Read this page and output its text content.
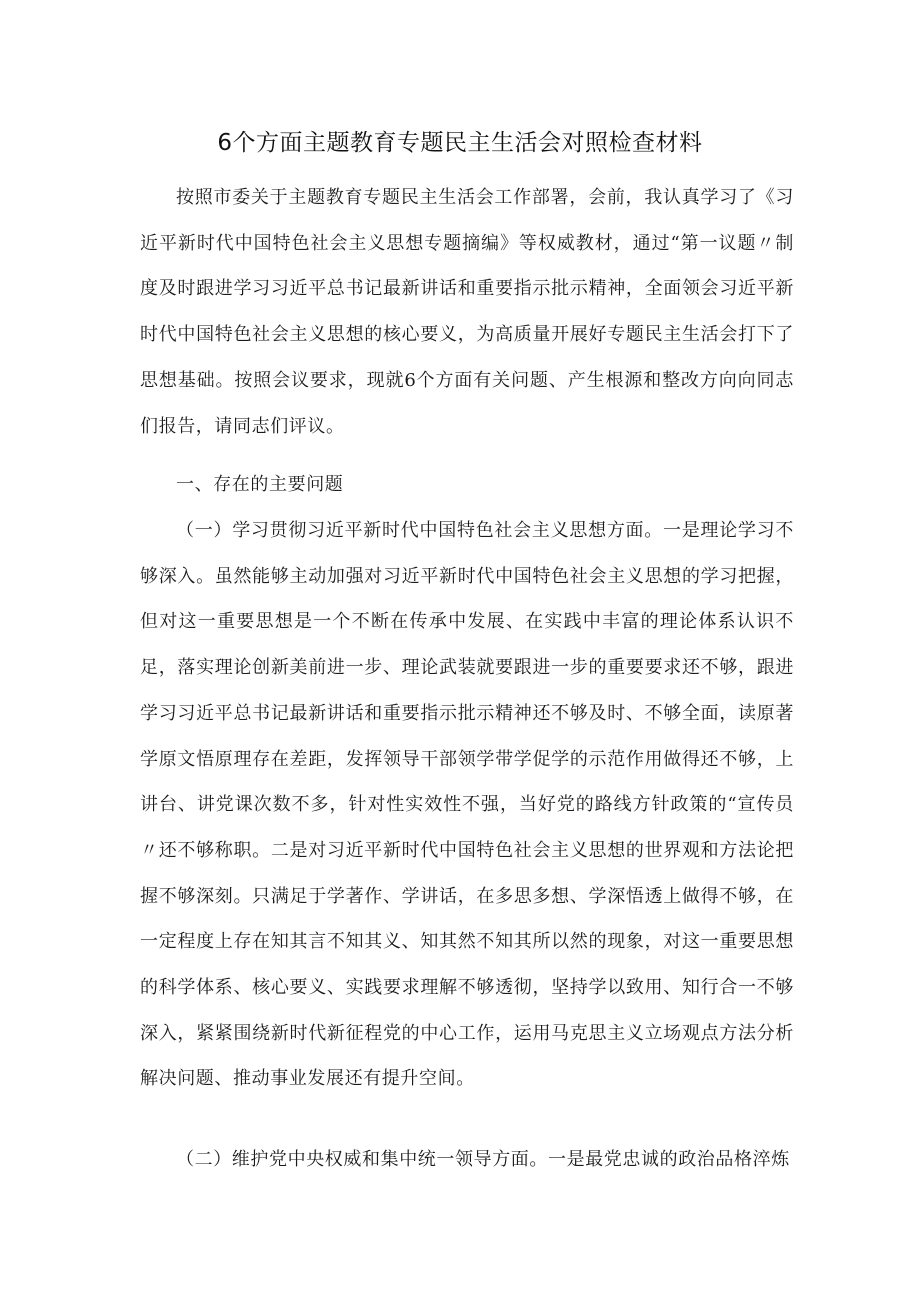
6个方面主题教育专题民主生活会对照检查材料

按照市委关于主题教育专题民主生活会工作部署，会前，我认真学习了《习近平新时代中国特色社会主义思想专题摘编》等权威教材，通过“第一议题〃制度及时跟进学习习近平总书记最新讲话和重要指示批示精神，全面领会习近平新时代中国特色社会主义思想的核心要义，为高质量开展好专题民主生活会打下了思想基础。按照会议要求，现就6个方面有关问题、产生根源和整改方向向同志们报告，请同志们评议。

一、存在的主要问题

（一）学习贯彻习近平新时代中国特色社会主义思想方面。一是理论学习不够深入。虽然能够主动加强对习近平新时代中国特色社会主义思想的学习把握，但对这一重要思想是一个不断在传承中发展、在实践中丰富的理论体系认识不足，落实理论创新美前进一步、理论武装就要跟进一步的重要要求还不够，跟进学习习近平总书记最新讲话和重要指示批示精神还不够及时、不够全面，读原著学原文悟原理存在差距，发挥领导干部领学带学促学的示范作用做得还不够，上讲台、讲党课次数不多，针对性实效性不强，当好党的路线方针政策的“宣传员〃还不够称职。二是对习近平新时代中国特色社会主义思想的世界观和方法论把握不够深刻。只满足于学著作、学讲话，在多思多想、学深悟透上做得不够，在一定程度上存在知其言不知其义、知其然不知其所以然的现象，对这一重要思想的科学体系、核心要义、实践要求理解不够透彻，坚持学以致用、知行合一不够深入，紧紧围绕新时代新征程党的中心工作，运用马克思主义立场观点方法分析解决问题、推动事业发展还有提升空间。

（二）维护党中央权威和集中统一领导方面。一是最党忠诚的政治品格淬炼
